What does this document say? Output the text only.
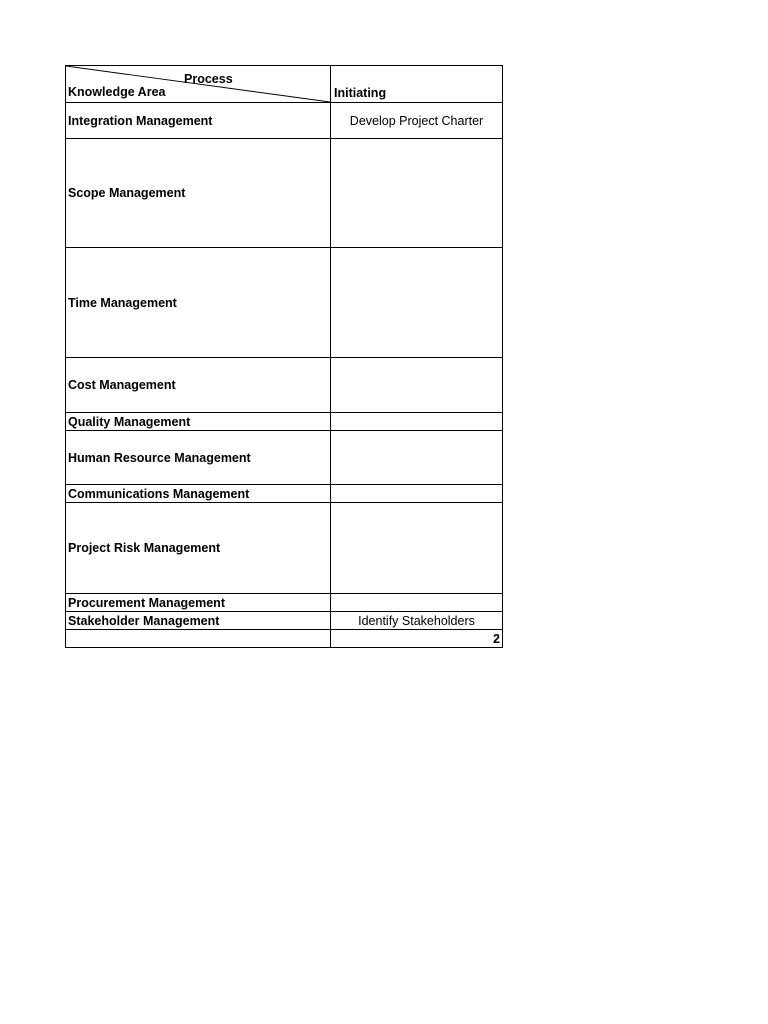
Process
Knowledge Area	Initiating
Integration Management	Develop Project Charter
Scope Management	
Time Management	
Cost Management	
Quality Management	
Human Resource Management	
Communications Management	
Project Risk Management	
Procurement Management	
Stakeholder Management	Identify Stakeholders
	2
